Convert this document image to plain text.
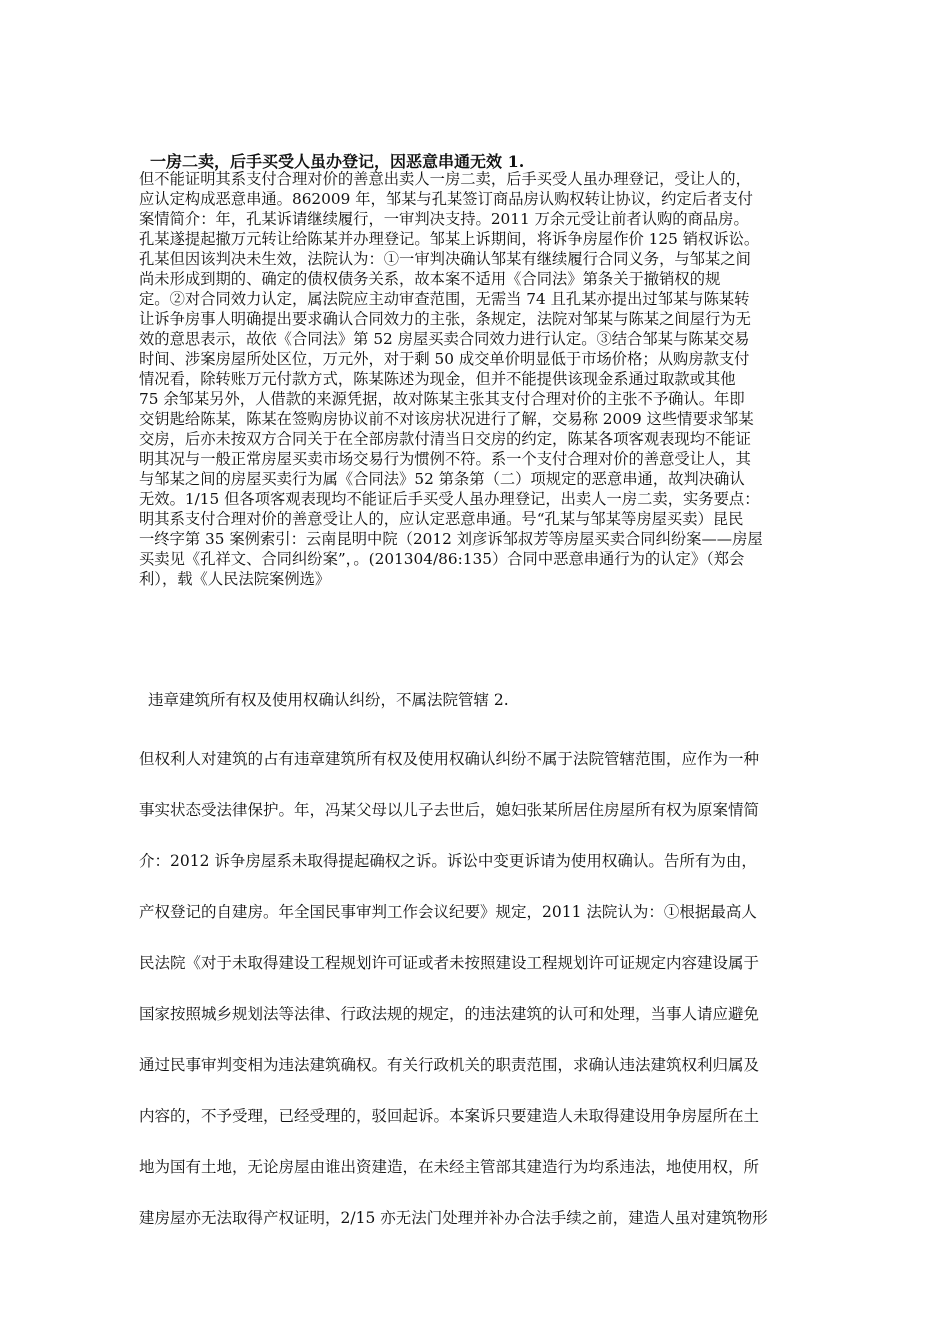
一房二卖，后手买受人虽办登记，因恶意串通无效 1.
但不能证明其系支付合理对价的善意出卖人一房二卖，后手买受人虽办理登记，受让人的，
应认定构成恶意串通。862009 年，邹某与孔某签订商品房认购权转让协议，约定后者支付
案情简介：年，孔某诉请继续履行，一审判决支持。2011 万余元受让前者认购的商品房。
孔某遂提起撤万元转让给陈某并办理登记。邹某上诉期间，将诉争房屋作价 125 销权诉讼。
孔某但因该判决未生效，法院认为：①一审判决确认邹某有继续履行合同义务，与邹某之间
尚未形成到期的、确定的债权债务关系，故本案不适用《合同法》第条关于撤销权的规
定。②对合同效力认定，属法院应主动审查范围，无需当 74 且孔某亦提出过邹某与陈某转
让诉争房事人明确提出要求确认合同效力的主张，条规定，法院对邹某与陈某之间屋行为无
效的意思表示，故依《合同法》第 52 房屋买卖合同效力进行认定。③结合邹某与陈某交易
时间、涉案房屋所处区位，万元外，对于剩 50 成交单价明显低于市场价格；从购房款支付
情况看，除转账万元付款方式，陈某陈述为现金，但并不能提供该现金系通过取款或其他
75 余邹某另外，人借款的来源凭据，故对陈某主张其支付合理对价的主张不予确认。年即
交钥匙给陈某，陈某在签购房协议前不对该房状况进行了解，交易称 2009 这些情要求邹某
交房，后亦未按双方合同关于在全部房款付清当日交房的约定，陈某各项客观表现均不能证
明其况与一般正常房屋买卖市场交易行为惯例不符。系一个支付合理对价的善意受让人，其
与邹某之间的房屋买卖行为属《合同法》52 第条第（二）项规定的恶意串通，故判决确认
无效。1/15 但各项客观表现均不能证后手买受人虽办理登记，出卖人一房二卖，实务要点：
明其系支付合理对价的善意受让人的，应认定恶意串通。号“孔某与邹某等房屋买卖）昆民
一终字第 35 案例索引：云南昆明中院（2012 刘彦诉邹叔芳等房屋买卖合同纠纷案——房屋
买卖见《孔祥文、合同纠纷案”，。(201304/86:135）合同中恶意串通行为的认定》（郑会
利），载《人民法院案例选》
违章建筑所有权及使用权确认纠纷，不属法院管辖 2.
但权利人对建筑的占有违章建筑所有权及使用权确认纠纷不属于法院管辖范围，应作为一种
事实状态受法律保护。年，冯某父母以儿子去世后，媳妇张某所居住房屋所有权为原案情简
介：2012 诉争房屋系未取得提起确权之诉。诉讼中变更诉请为使用权确认。告所有为由，
产权登记的自建房。年全国民事审判工作会议纪要》规定，2011 法院认为：①根据最高人
民法院《对于未取得建设工程规划许可证或者未按照建设工程规划许可证规定内容建设属于
国家按照城乡规划法等法律、行政法规的规定，的违法建筑的认可和处理，当事人请应避免
通过民事审判变相为违法建筑确权。有关行政机关的职责范围，求确认违法建筑权利归属及
内容的，不予受理，已经受理的，驳回起诉。本案诉只要建造人未取得建设用争房屋所在土
地为国有土地，无论房屋由谁出资建造，在未经主管部其建造行为均系违法，地使用权，所
建房屋亦无法取得产权证明，2/15 亦无法门处理并补办合法手续之前，建造人虽对建筑物形
